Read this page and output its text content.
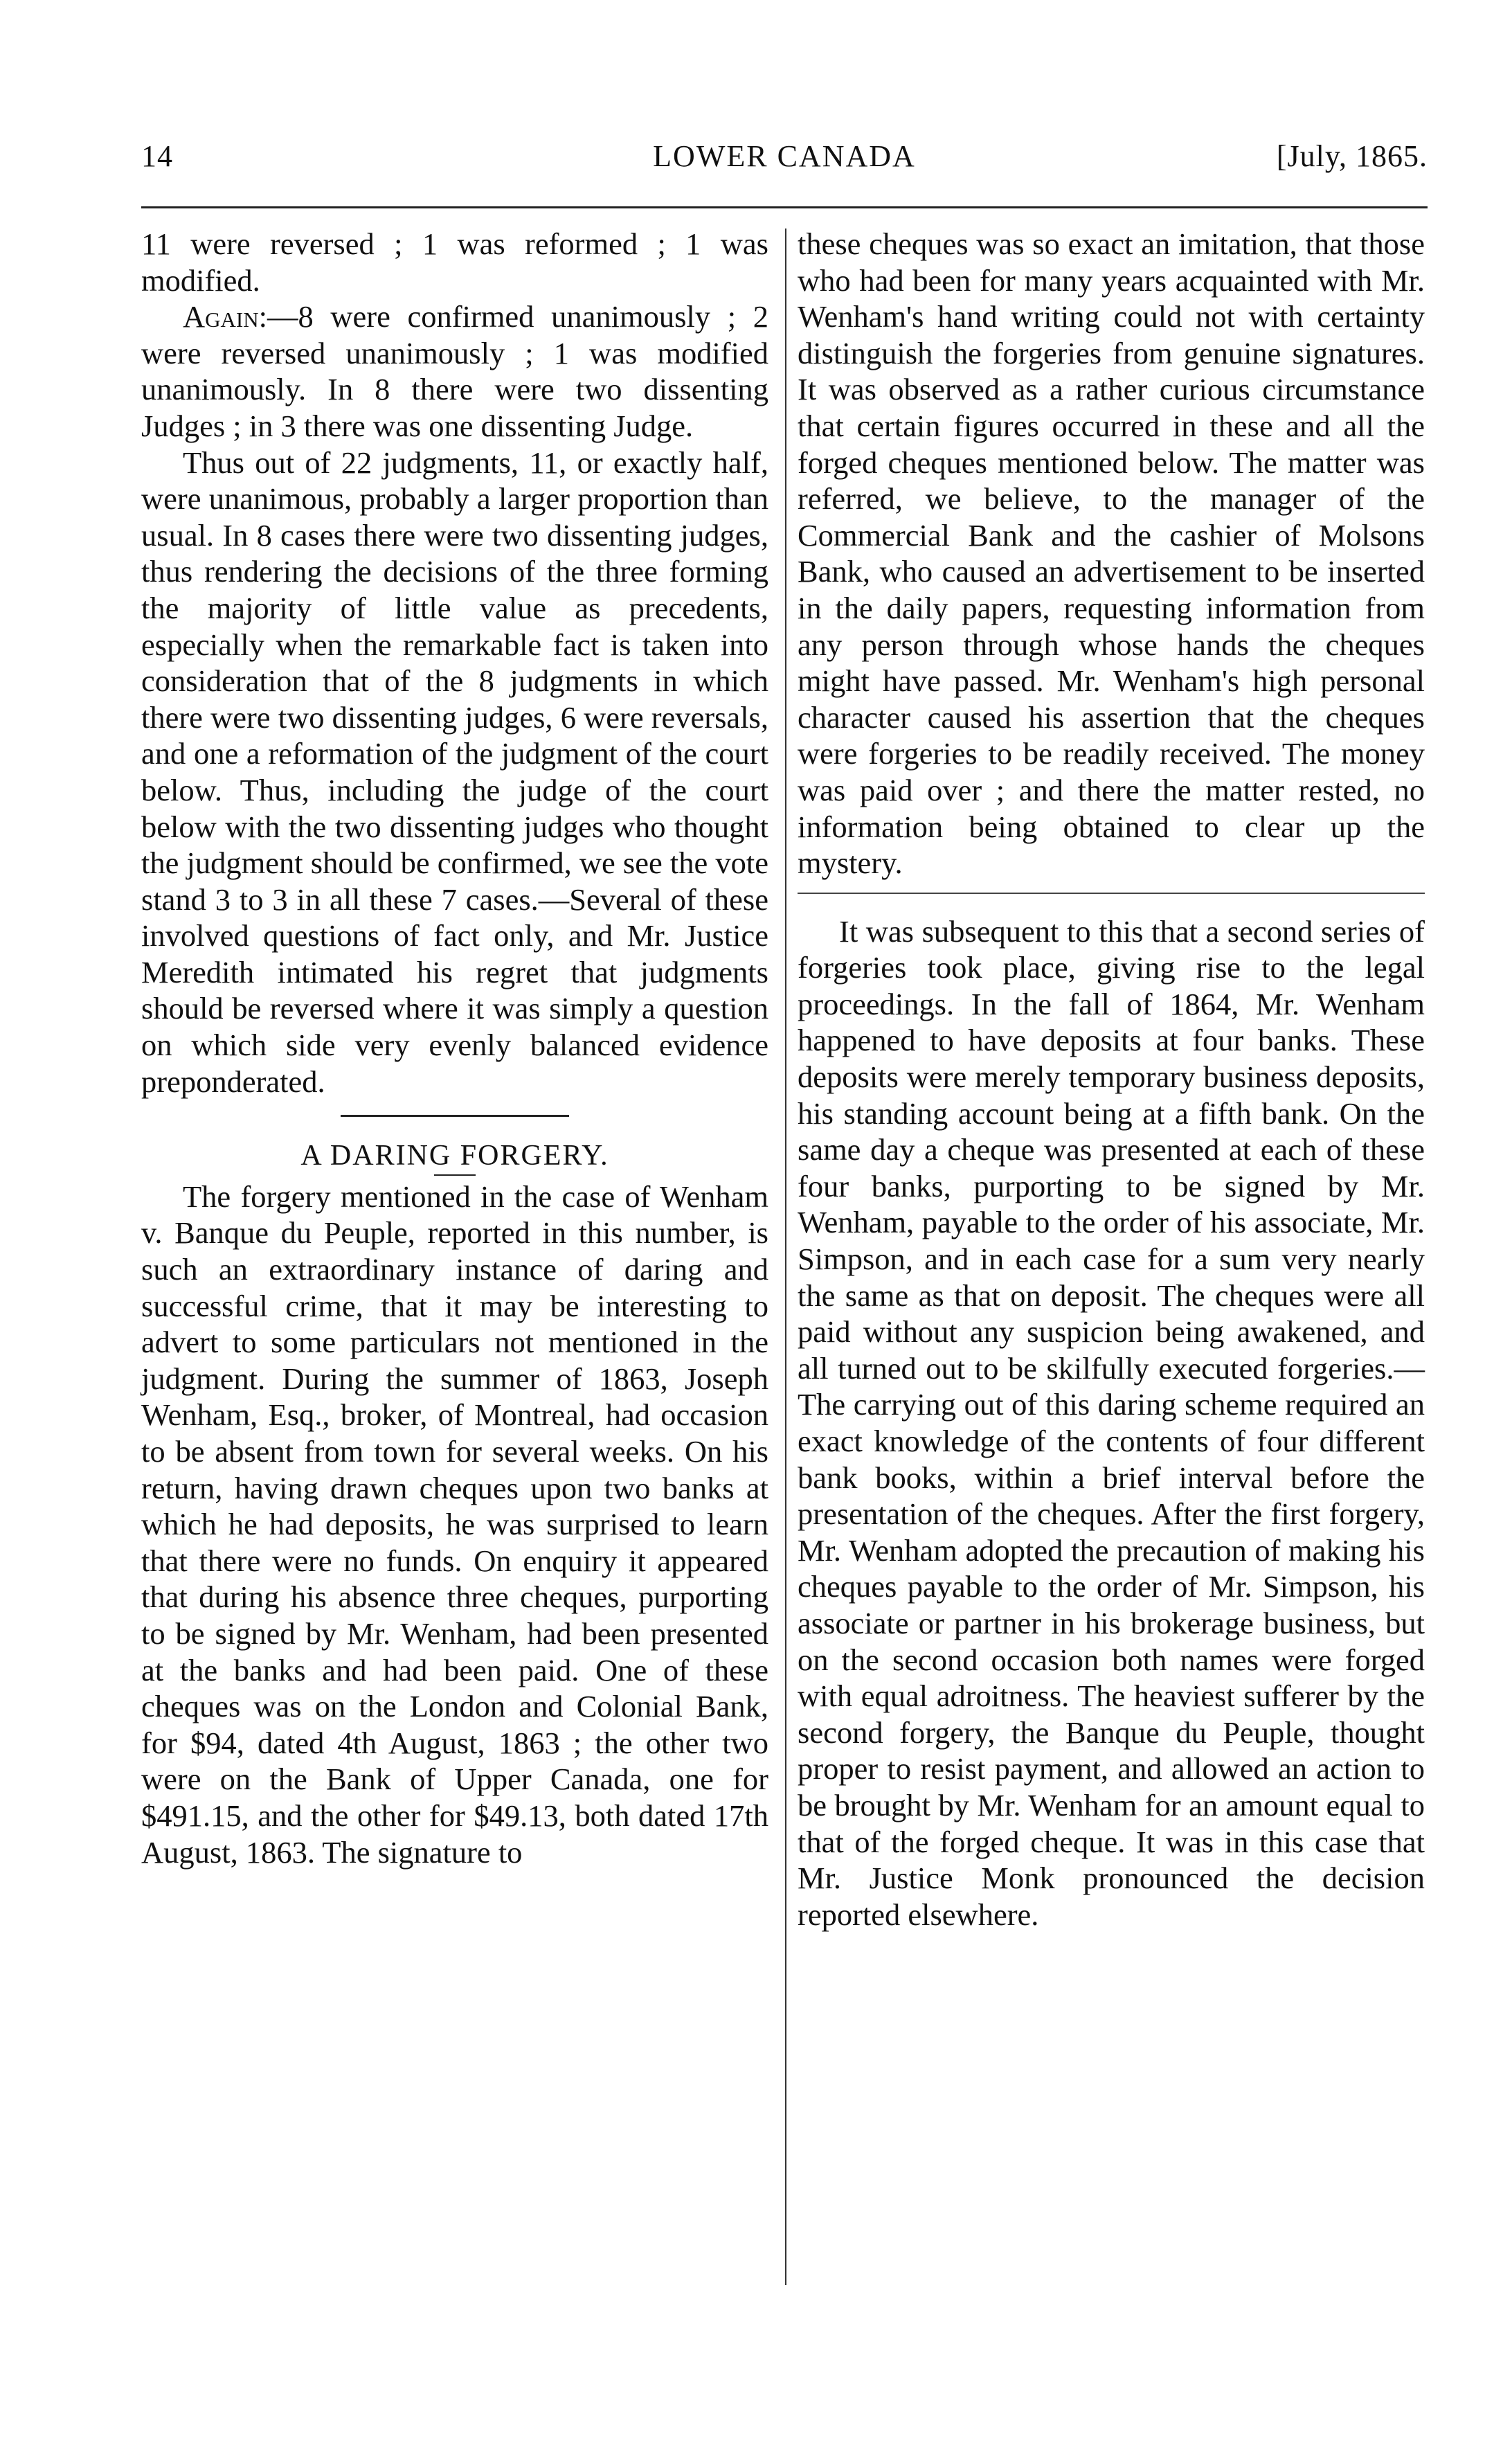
14	LOWER CANADA	[July, 1865.

11 were reversed ; 1 was reformed ; 1 was modified.

Again:—8 were confirmed unanimously ; 2 were reversed unanimously ; 1 was modified unanimously. In 8 there were two dissenting Judges ; in 3 there was one dissenting Judge.

Thus out of 22 judgments, 11, or exactly half, were unanimous, probably a larger proportion than usual. In 8 cases there were two dissenting judges, thus rendering the decisions of the three forming the majority of little value as precedents, especially when the remarkable fact is taken into consideration that of the 8 judgments in which there were two dissenting judges, 6 were reversals, and one a reformation of the judgment of the court below. Thus, including the judge of the court below with the two dissenting judges who thought the judgment should be confirmed, we see the vote stand 3 to 3 in all these 7 cases.—Several of these involved questions of fact only, and Mr. Justice Meredith intimated his regret that judgments should be reversed where it was simply a question on which side very evenly balanced evidence preponderated.

A DARING FORGERY.

The forgery mentioned in the case of Wenham v. Banque du Peuple, reported in this number, is such an extraordinary instance of daring and successful crime, that it may be interesting to advert to some particulars not mentioned in the judgment. During the summer of 1863, Joseph Wenham, Esq., broker, of Montreal, had occasion to be absent from town for several weeks. On his return, having drawn cheques upon two banks at which he had deposits, he was surprised to learn that there were no funds. On enquiry it appeared that during his absence three cheques, purporting to be signed by Mr. Wenham, had been presented at the banks and had been paid. One of these cheques was on the London and Colonial Bank, for $94, dated 4th August, 1863 ; the other two were on the Bank of Upper Canada, one for $491.15, and the other for $49.13, both dated 17th August, 1863. The signature to

these cheques was so exact an imitation, that those who had been for many years acquainted with Mr. Wenham's hand writing could not with certainty distinguish the forgeries from genuine signatures. It was observed as a rather curious circumstance that certain figures occurred in these and all the forged cheques mentioned below. The matter was referred, we believe, to the manager of the Commercial Bank and the cashier of Molsons Bank, who caused an advertisement to be inserted in the daily papers, requesting information from any person through whose hands the cheques might have passed. Mr. Wenham's high personal character caused his assertion that the cheques were forgeries to be readily received. The money was paid over ; and there the matter rested, no information being obtained to clear up the mystery.

It was subsequent to this that a second series of forgeries took place, giving rise to the legal proceedings. In the fall of 1864, Mr. Wenham happened to have deposits at four banks. These deposits were merely temporary business deposits, his standing account being at a fifth bank. On the same day a cheque was presented at each of these four banks, purporting to be signed by Mr. Wenham, payable to the order of his associate, Mr. Simpson, and in each case for a sum very nearly the same as that on deposit. The cheques were all paid without any suspicion being awakened, and all turned out to be skilfully executed forgeries.—The carrying out of this daring scheme required an exact knowledge of the contents of four different bank books, within a brief interval before the presentation of the cheques. After the first forgery, Mr. Wenham adopted the precaution of making his cheques payable to the order of Mr. Simpson, his associate or partner in his brokerage business, but on the second occasion both names were forged with equal adroitness. The heaviest sufferer by the second forgery, the Banque du Peuple, thought proper to resist payment, and allowed an action to be brought by Mr. Wenham for an amount equal to that of the forged cheque. It was in this case that Mr. Justice Monk pronounced the decision reported elsewhere.
